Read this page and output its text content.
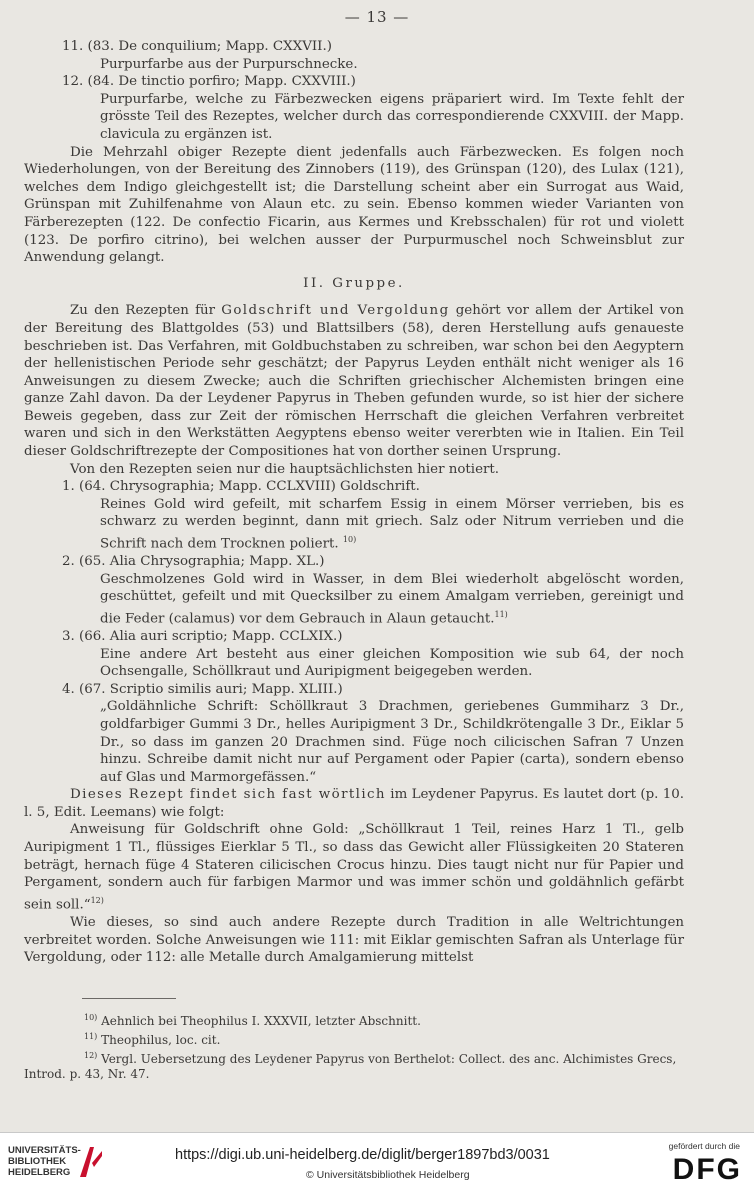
— 13 —

11. (83. De conquilium; Mapp. CXXVII.)

Purpurfarbe aus der Purpurschnecke.

12. (84. De tinctio porfiro; Mapp. CXXVIII.)

Purpurfarbe, welche zu Färbezwecken eigens präpariert wird. Im Texte fehlt der grösste Teil des Rezeptes, welcher durch das correspondierende CXXVIII. der Mapp. clavicula zu ergänzen ist.

Die Mehrzahl obiger Rezepte dient jedenfalls auch Färbezwecken. Es folgen noch Wiederholungen, von der Bereitung des Zinnobers (119), des Grünspan (120), des Lulax (121), welches dem Indigo gleichgestellt ist; die Darstellung scheint aber ein Surrogat aus Waid, Grünspan mit Zuhilfenahme von Alaun etc. zu sein. Ebenso kommen wieder Varianten von Färberezepten (122. De confectio Ficarin, aus Kermes und Krebsschalen) für rot und violett (123. De porfiro citrino), bei welchen ausser der Purpurmuschel noch Schweinsblut zur Anwendung gelangt.

II. Gruppe.

Zu den Rezepten für Goldschrift und Vergoldung gehört vor allem der Artikel von der Bereitung des Blattgoldes (53) und Blattsilbers (58), deren Herstellung aufs genaueste beschrieben ist. Das Verfahren, mit Goldbuchstaben zu schreiben, war schon bei den Aegyptern der hellenistischen Periode sehr geschätzt; der Papyrus Leyden enthält nicht weniger als 16 Anweisungen zu diesem Zwecke; auch die Schriften griechischer Alchemisten bringen eine ganze Zahl davon. Da der Leydener Papyrus in Theben gefunden wurde, so ist hier der sichere Beweis gegeben, dass zur Zeit der römischen Herrschaft die gleichen Verfahren verbreitet waren und sich in den Werkstätten Aegyptens ebenso weiter vererbten wie in Italien. Ein Teil dieser Goldschriftrezepte der Compositiones hat von dorther seinen Ursprung.

Von den Rezepten seien nur die hauptsächlichsten hier notiert.

1. (64. Chrysographia; Mapp. CCLXVIII) Goldschrift.

Reines Gold wird gefeilt, mit scharfem Essig in einem Mörser verrieben, bis es schwarz zu werden beginnt, dann mit griech. Salz oder Nitrum verrieben und die Schrift nach dem Trocknen poliert. $^{10)}$

2. (65. Alia Chrysographia; Mapp. XL.)

Geschmolzenes Gold wird in Wasser, in dem Blei wiederholt abgelöscht worden, geschüttet, gefeilt und mit Quecksilber zu einem Amalgam verrieben, gereinigt und die Feder (calamus) vor dem Gebrauch in Alaun getaucht.$^{11)}$

3. (66. Alia auri scriptio; Mapp. CCLXIX.)

Eine andere Art besteht aus einer gleichen Komposition wie sub 64, der noch Ochsengalle, Schöllkraut und Auripigment beigegeben werden.

4. (67. Scriptio similis auri; Mapp. XLIII.)

„Goldähnliche Schrift: Schöllkraut 3 Drachmen, geriebenes Gummiharz 3 Dr., goldfarbiger Gummi 3 Dr., helles Auripigment 3 Dr., Schildkrötengalle 3 Dr., Eiklar 5 Dr., so dass im ganzen 20 Drachmen sind. Füge noch cilicischen Safran 7 Unzen hinzu. Schreibe damit nicht nur auf Pergament oder Papier (carta), sondern ebenso auf Glas und Marmorgefässen.“

Dieses Rezept findet sich fast wörtlich im Leydener Papyrus. Es lautet dort (p. 10. l. 5, Edit. Leemans) wie folgt:

Anweisung für Goldschrift ohne Gold: „Schöllkraut 1 Teil, reines Harz 1 Tl., gelb Auripigment 1 Tl., flüssiges Eierklar 5 Tl., so dass das Gewicht aller Flüssigkeiten 20 Stateren beträgt, hernach füge 4 Stateren cilicischen Crocus hinzu. Dies taugt nicht nur für Papier und Pergament, sondern auch für farbigen Marmor und was immer schön und goldähnlich gefärbt sein soll.“$^{12)}$

Wie dieses, so sind auch andere Rezepte durch Tradition in alle Weltrichtungen verbreitet worden. Solche Anweisungen wie 111: mit Eiklar gemischten Safran als Unterlage für Vergoldung, oder 112: alle Metalle durch Amalgamierung mittelst

$^{10)}$ Aehnlich bei Theophilus I. XXXVII, letzter Abschnitt.

$^{11)}$ Theophilus, loc. cit.

$^{12)}$ Vergl. Uebersetzung des Leydener Papyrus von Berthelot: Collect. des anc. Alchimistes Grecs, Introd. p. 43, Nr. 47.

UNIVERSITÄTS-
BIBLIOTHEK
HEIDELBERG
https://digi.ub.uni-heidelberg.de/diglit/berger1897bd3/0031
© Universitätsbibliothek Heidelberg
gefördert durch die
DFG
